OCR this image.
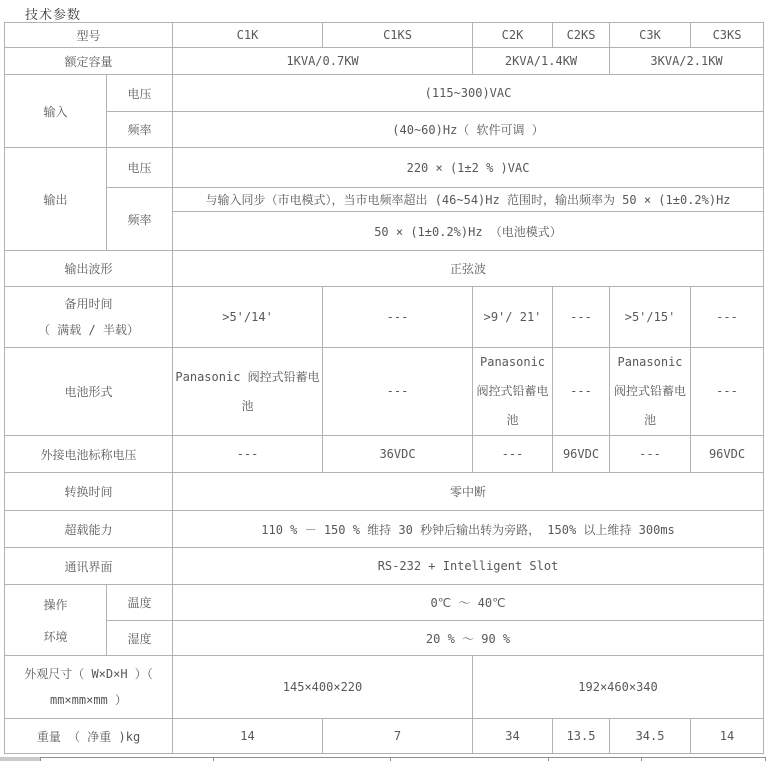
技术参数
型号		C1K	C1KS	C2K	C2KS	C3K	C3KS
额定容量		1KVA/0.7KW		2KVA/1.4KW		3KVA/2.1KW	
输入	电压	(115~300)VAC					
	频率	(40~60)Hz（ 软件可调 ）					
输出	电压	220 × (1±2 % )VAC					
	频率	与输入同步（市电模式），当市电频率超出 (46~54)Hz 范围时，输出频率为 50 × (1±0.2%)Hz					
		50 × (1±0.2%)Hz （电池模式）					
输出波形		正弦波					

备用时间
（ 满载 / 半载）		>5'/14'	---	>9'/ 21'	---	>5'/15'	---
电池形式		Panasonic 阀控式铅蓄电池	---	Panasonic 阀控式铅蓄电池	---	Panasonic 阀控式铅蓄电池	---
外接电池标称电压		---	36VDC	---	96VDC	---	96VDC
转换时间		零中断					
超载能力		110 % － 150 % 维持 30 秒钟后输出转为旁路， 150% 以上维持 300ms					
通讯界面		RS-232 + Intelligent Slot					

操作
环境	温度	0℃ ～ 40℃					
	湿度	20 % ～ 90 %					

外观尺寸（ W×D×H ）（
mm×mm×mm ）		145×400×220		192×460×340			
重量 （ 净重 )kg		14	7	34	13.5	34.5	14
